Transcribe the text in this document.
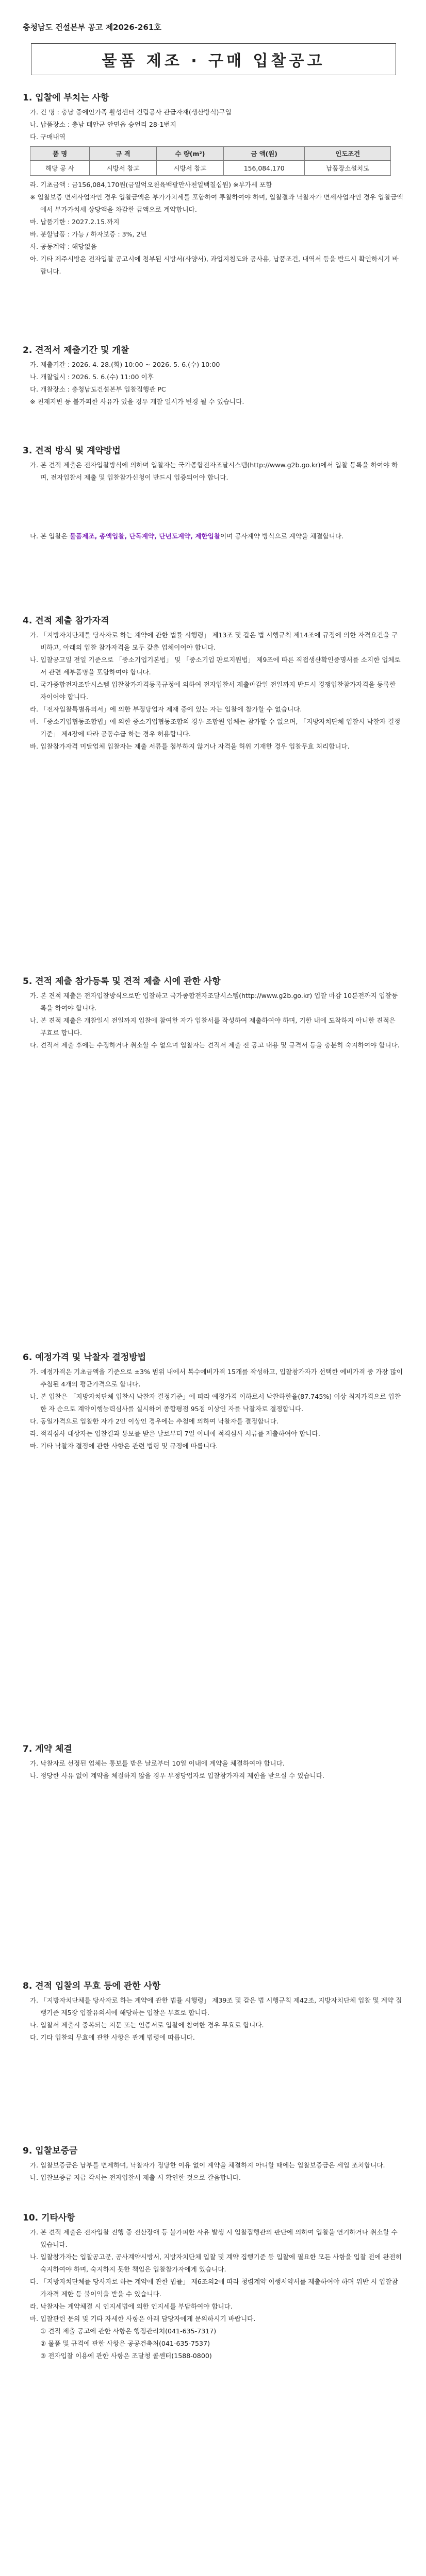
충청남도 건설본부 공고 제2026-261호
물품 제조 · 구매 입찰공고
1. 입찰에 부치는 사항
가. 건 명 : 충남 중에인가족 활성센터 건립공사 관급자재(생산방식)구입
나. 납품장소 : 충남 태안군 안면읍 승언리 28-1번지
다. 구매내역
품 명	규 격	수 량(m²)	금 액(원)	인도조건
해당 공 사	시방서 참고	시방서 참고	156,084,170	납품장소설치도
라. 기초금액 : 금156,084,170원(금일억오천육백팔만사천일백칠십원) ※부가세 포함
※ 입찰보증 면세사업자인 경우 입찰금액은 부가가치세를 포함하여 투찰하여야 하며, 입찰결과 낙찰자가 면세사업자인 경우 입찰금액에서 부가가치세 상당액을 차감한 금액으로 계약합니다.
마. 납품기한 : 2027.2.15.까지
바. 분할납품 : 가능 / 하자보증 : 3%, 2년
사. 공동계약 : 해당없음
아. 기타 제주시방은 전자입찰 공고시에 첨부된 시방서(사양서), 과업지침도와 공사용, 납품조건, 내역서 등을 반드시 확인하시기 바랍니다.
2. 견적서 제출기간 및 개찰
가. 제출기간 : 2026. 4. 28.(화) 10:00 ~ 2026. 5. 6.(수) 10:00
나. 개찰일시 : 2026. 5. 6.(수) 11:00 이후
다. 개찰장소 : 충청남도건설본부 입찰집행관 PC
※ 천재지변 등 불가피한 사유가 있을 경우 개찰 일시가 변경 될 수 있습니다.
3. 견적 방식 및 계약방법
가. 본 견적 제출은 전자입찰방식에 의하며 입찰자는 국가종합전자조달시스템(http://www.g2b.go.kr)에서 입찰 등록을 하여야 하며, 전자입찰서 제출 및 입찰참가신청이 반드시 입증되어야 합니다.
나. 본 입찰은 물품제조, 총액입찰, 단독계약, 단년도계약, 제한입찰이며 공사계약 방식으로 계약을 체결합니다.
4. 견적 제출 참가자격
가. 「지방자치단체를 당사자로 하는 계약에 관한 법률 시행령」 제13조 및 같은 법 시행규칙 제14조에 규정에 의한 자격요건을 구비하고, 아래의 입찰 참가자격을 모두 갖춘 업체이어야 합니다.
나. 입찰공고일 전일 기준으로 「중소기업기본법」 및 「중소기업 판로지원법」 제9조에 따른 직접생산확인증명서를 소지한 업체로서 관련 세부품명을 포함하여야 합니다.
다. 국가종합전자조달시스템 입찰참가자격등록규정에 의하여 전자입찰서 제출마감일 전일까지 반드시 경쟁입찰참가자격을 등록한 자이어야 합니다.
라. 「전자입찰특별유의서」에 의한 부정당업자 제재 중에 있는 자는 입찰에 참가할 수 없습니다.
마. 「중소기업협동조합법」에 의한 중소기업협동조합의 경우 조합원 업체는 참가할 수 없으며, 「지방자치단체 입찰시 낙찰자 결정기준」 제4장에 따라 공동수급 하는 경우 허용합니다.
바. 입찰참가자격 미달업체 입찰자는 제출 서류를 첨부하지 않거나 자격을 허위 기재한 경우 입찰무효 처리합니다.
5. 견적 제출 참가등록 및 견적 제출 시에 관한 사항
가. 본 견적 제출은 전자입찰방식으로만 입찰하고 국가종합전자조달시스템(http://www.g2b.go.kr) 입찰 마감 10분전까지 입찰등록을 하여야 합니다.
나. 본 견적 제출은 개찰일시 전일까지 입찰에 참여한 자가 입찰서를 작성하여 제출하여야 하며, 기한 내에 도착하지 아니한 견적은 무효로 합니다.
다. 견적서 제출 후에는 수정하거나 취소할 수 없으며 입찰자는 견적서 제출 전 공고 내용 및 규격서 등을 충분히 숙지하여야 합니다.
6. 예정가격 및 낙찰자 결정방법
가. 예정가격은 기초금액을 기준으로 ±3% 범위 내에서 복수예비가격 15개를 작성하고, 입찰참가자가 선택한 예비가격 중 가장 많이 추첨된 4개의 평균가격으로 합니다.
나. 본 입찰은 「지방자치단체 입찰시 낙찰자 결정기준」에 따라 예정가격 이하로서 낙찰하한율(87.745%) 이상 최저가격으로 입찰한 자 순으로 계약이행능력심사를 실시하여 종합평점 95점 이상인 자를 낙찰자로 결정합니다.
다. 동일가격으로 입찰한 자가 2인 이상인 경우에는 추첨에 의하여 낙찰자를 결정합니다.
라. 적격심사 대상자는 입찰결과 통보를 받은 날로부터 7일 이내에 적격심사 서류를 제출하여야 합니다.
마. 기타 낙찰자 결정에 관한 사항은 관련 법령 및 규정에 따릅니다.
7. 계약 체결
가. 낙찰자로 선정된 업체는 통보를 받은 날로부터 10일 이내에 계약을 체결하여야 합니다.
나. 정당한 사유 없이 계약을 체결하지 않을 경우 부정당업자로 입찰참가자격 제한을 받으실 수 있습니다.
8. 견적 입찰의 무효 등에 관한 사항
가. 「지방자치단체를 당사자로 하는 계약에 관한 법률 시행령」 제39조 및 같은 법 시행규칙 제42조, 지방자치단체 입찰 및 계약 집행기준 제5장 입찰유의서에 해당하는 입찰은 무효로 합니다.
나. 입찰서 제출시 중복되는 지문 또는 인증서로 입찰에 참여한 경우 무효로 합니다.
다. 기타 입찰의 무효에 관한 사항은 관계 법령에 따릅니다.
9. 입찰보증금
가. 입찰보증금은 납부를 면제하며, 낙찰자가 정당한 이유 없이 계약을 체결하지 아니할 때에는 입찰보증금은 세입 조치합니다.
나. 입찰보증금 지급 각서는 전자입찰서 제출 시 확인한 것으로 갈음합니다.
10. 기타사항
가. 본 견적 제출은 전자입찰 진행 중 전산장애 등 불가피한 사유 발생 시 입찰집행관의 판단에 의하여 입찰을 연기하거나 취소할 수 있습니다.
나. 입찰참가자는 입찰공고문, 공사계약시방서, 지방자치단체 입찰 및 계약 집행기준 등 입찰에 필요한 모든 사항을 입찰 전에 완전히 숙지하여야 하며, 숙지하지 못한 책임은 입찰참가자에게 있습니다.
다. 「지방자치단체를 당사자로 하는 계약에 관한 법률」 제6조의2에 따라 청렴계약 이행서약서를 제출하여야 하며 위반 시 입찰참가자격 제한 등 불이익을 받을 수 있습니다.
라. 낙찰자는 계약체결 시 인지세법에 의한 인지세를 부담하여야 합니다.
마. 입찰관련 문의 및 기타 자세한 사항은 아래 담당자에게 문의하시기 바랍니다.
① 견적 제출 공고에 관한 사항은 행정관리처(041-635-7317)
② 물품 및 규격에 관한 사항은 공공건축처(041-635-7537)
③ 전자입찰 이용에 관한 사항은 조달청 콜센터(1588-0800)
